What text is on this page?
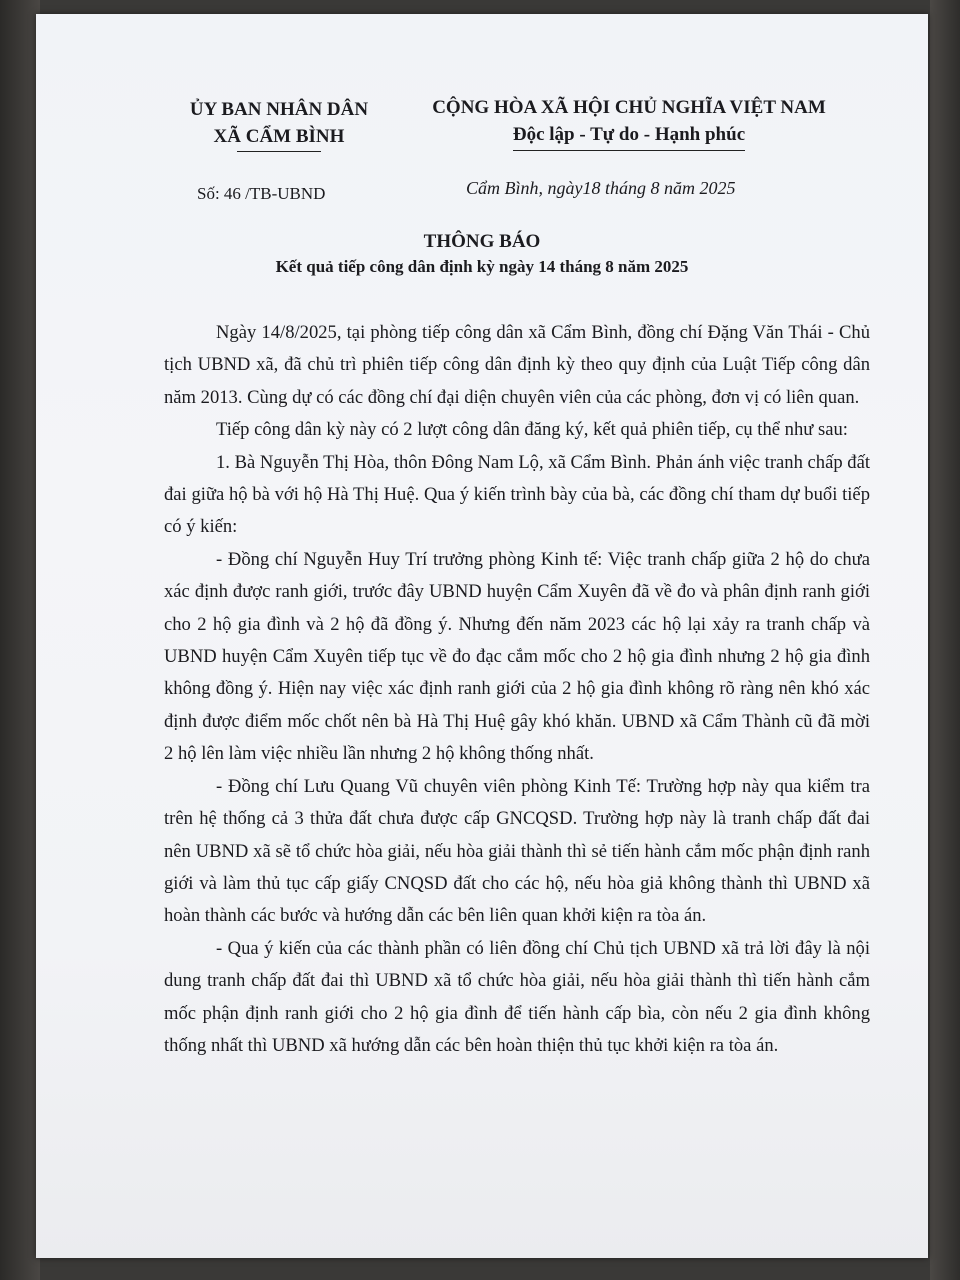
ỦY BAN NHÂN DÂN
XÃ CẨM BÌNH
CỘNG HÒA XÃ HỘI CHỦ NGHĨA VIỆT NAM
Độc lập - Tự do - Hạnh phúc
Số: 46 /TB-UBND	Cẩm Bình, ngày18 tháng 8 năm 2025
THÔNG BÁO
Kết quả tiếp công dân định kỳ ngày 14 tháng 8 năm 2025

Ngày 14/8/2025, tại phòng tiếp công dân xã Cẩm Bình, đồng chí Đặng Văn Thái - Chủ tịch UBND xã, đã chủ trì phiên tiếp công dân định kỳ theo quy định của Luật Tiếp công dân năm 2013. Cùng dự có các đồng chí đại diện chuyên viên của các phòng, đơn vị có liên quan.

Tiếp công dân kỳ này có 2 lượt công dân đăng ký, kết quả phiên tiếp, cụ thể như sau:

1. Bà Nguyễn Thị Hòa, thôn Đông Nam Lộ, xã Cẩm Bình. Phản ánh việc tranh chấp đất đai giữa hộ bà với hộ Hà Thị Huệ. Qua ý kiến trình bày của bà, các đồng chí tham dự buổi tiếp có ý kiến:

- Đồng chí Nguyễn Huy Trí trưởng phòng Kinh tế: Việc tranh chấp giữa 2 hộ do chưa xác định được ranh giới, trước đây UBND huyện Cẩm Xuyên đã về đo và phân định ranh giới cho 2 hộ gia đình và 2 hộ đã đồng ý. Nhưng đến năm 2023 các hộ lại xảy ra tranh chấp và UBND huyện Cẩm Xuyên tiếp tục về đo đạc cắm mốc cho 2 hộ gia đình nhưng 2 hộ gia đình không đồng ý. Hiện nay việc xác định ranh giới của 2 hộ gia đình không rõ ràng nên khó xác định được điểm mốc chốt nên bà Hà Thị Huệ gây khó khăn. UBND xã Cẩm Thành cũ đã mời 2 hộ lên làm việc nhiều lần nhưng 2 hộ không thống nhất.

- Đồng chí Lưu Quang Vũ chuyên viên phòng Kinh Tế: Trường hợp này qua kiểm tra trên hệ thống cả 3 thửa đất chưa được cấp GNCQSD. Trường hợp này là tranh chấp đất đai nên UBND xã sẽ tổ chức hòa giải, nếu hòa giải thành thì sẻ tiến hành cắm mốc phận định ranh giới và làm thủ tục cấp giấy CNQSD đất cho các hộ, nếu hòa giả không thành thì UBND xã hoàn thành các bước và hướng dẫn các bên liên quan khởi kiện ra tòa án.

- Qua ý kiến của các thành phần có liên đồng chí Chủ tịch UBND xã trả lời đây là nội dung tranh chấp đất đai thì UBND xã tổ chức hòa giải, nếu hòa giải thành thì tiến hành cắm mốc phận định ranh giới cho 2 hộ gia đình để tiến hành cấp bìa, còn nếu 2 gia đình không thống nhất thì UBND xã hướng dẫn các bên hoàn thiện thủ tục khởi kiện ra tòa án.
